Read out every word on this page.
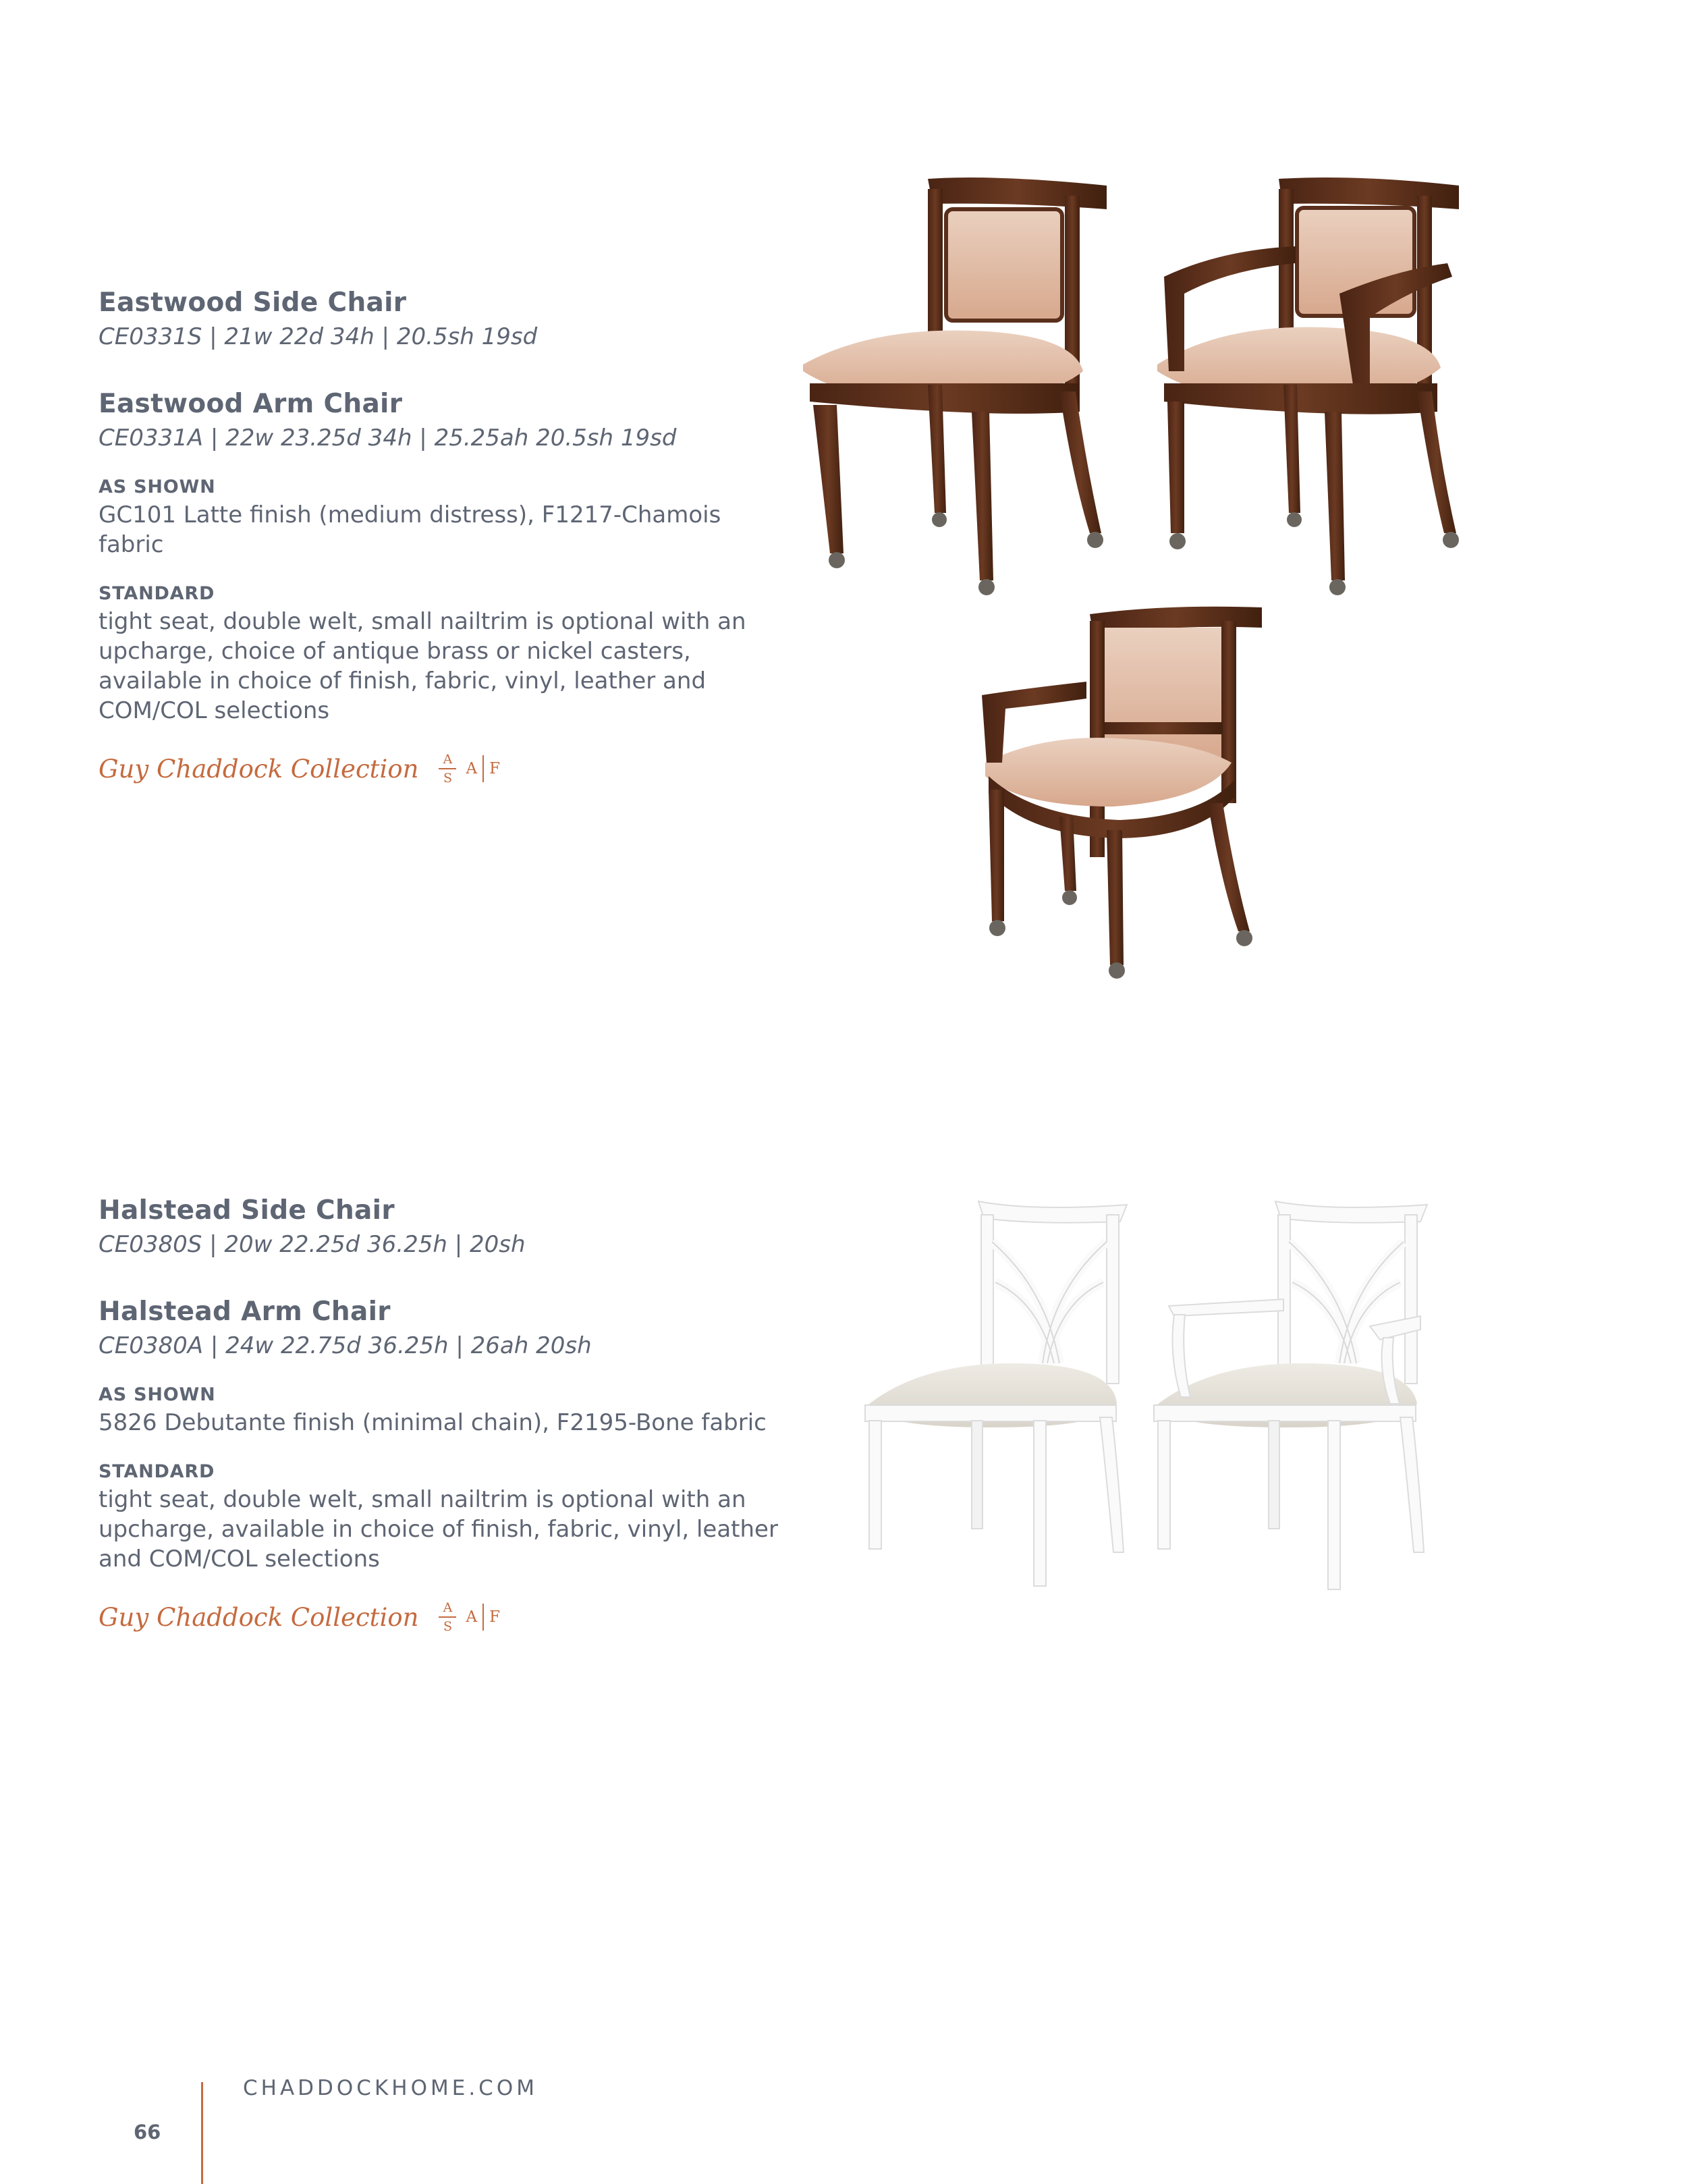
Eastwood Side Chair
CE0331S | 21w 22d 34h | 20.5sh 19sd
Eastwood Arm Chair
CE0331A | 22w 23.25d 34h | 25.25ah 20.5sh 19sd
AS SHOWN
GC101 Latte finish (medium distress), F1217-Chamois fabric
STANDARD
tight seat, double welt, small nailtrim is optional with an upcharge, choice of antique brass or nickel casters, available in choice of finish, fabric, vinyl, leather and COM/COL selections
Guy Chaddock Collection $\frac{A}{S}$ A F
Halstead Side Chair
CE0380S | 20w 22.25d 36.25h | 20sh
Halstead Arm Chair
CE0380A | 24w 22.75d 36.25h | 26ah 20sh
AS SHOWN
5826 Debutante finish (minimal chain), F2195-Bone fabric
STANDARD
tight seat, double welt, small nailtrim is optional with an upcharge, available in choice of finish, fabric, vinyl, leather and COM/COL selections
Guy Chaddock Collection $\frac{A}{S}$ A F
CHADDOCKHOME.COM
66
